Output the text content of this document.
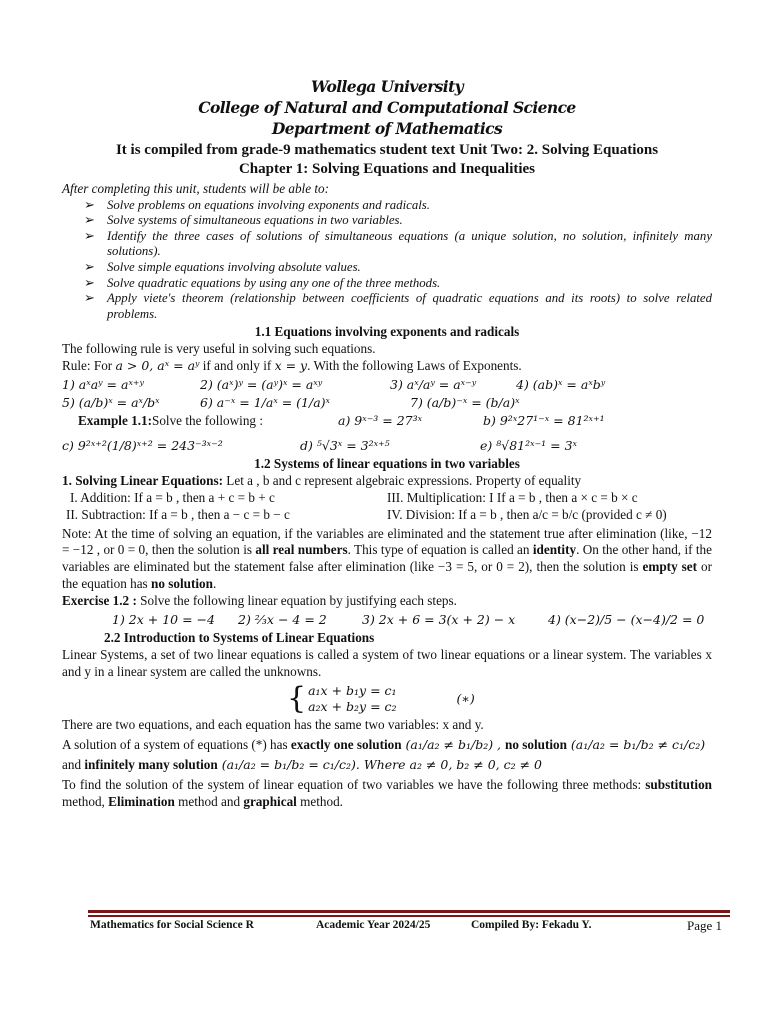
Wollega University
College of Natural and Computational Science
Department of Mathematics
It is compiled from grade-9 mathematics student text Unit Two: 2. Solving Equations
Chapter 1: Solving Equations and Inequalities
After completing this unit, students will be able to:
➢ Solve problems on equations involving exponents and radicals.
➢ Solve systems of simultaneous equations in two variables.
➢ Identify the three cases of solutions of simultaneous equations (a unique solution, no solution, infinitely many solutions).
➢ Solve simple equations involving absolute values.
➢ Solve quadratic equations by using any one of the three methods.
➢ Apply viete's theorem (relationship between coefficients of quadratic equations and its roots) to solve related problems.
1.1 Equations involving exponents and radicals
The following rule is very useful in solving such equations.
Rule: For a > 0, aˣ = aʸ if and only if x = y. With the following Laws of Exponents.
1) aˣaʸ = aˣ⁺ʸ	2) (aˣ)ʸ = (aʸ)ˣ = aˣʸ	3) aˣ/aʸ = aˣ⁻ʸ	4) (ab)ˣ = aˣbʸ
5) (a/b)ˣ = aˣ/bˣ	6) a⁻ˣ = 1/aˣ = (1/a)ˣ	7) (a/b)⁻ˣ = (b/a)ˣ
Example 1.1:Solve the following :	a) 9ˣ⁻³ = 27³ˣ	b) 9²ˣ27¹⁻ˣ = 81²ˣ⁺¹
c) 9²ˣ⁺²(1/8)ˣ⁺² = 243⁻³ˣ⁻²	d) ⁵√3ˣ = 3²ˣ⁺⁵	e) ⁸√81²ˣ⁻¹ = 3ˣ
1.2 Systems of linear equations in two variables
1. Solving Linear Equations: Let a , b and c represent algebraic expressions. Property of equality
I. Addition: If a = b , then a + c = b + c	III. Multiplication: I If a = b , then a × c = b × c
II. Subtraction: If a = b , then a − c = b − c	IV. Division: If a = b , then a/c = b/c (provided c ≠ 0)

Note: At the time of solving an equation, if the variables are eliminated and the statement true after elimination (like, −12 = −12 , or 0 = 0, then the solution is all real numbers. This type of equation is called an identity. On the other hand, if the variables are eliminated but the statement false after elimination (like −3 = 5, or 0 = 2), then the solution is empty set or the equation has no solution.

Exercise 1.2 : Solve the following linear equation by justifying each steps.
1) 2x + 10 = −4	2) ⅔x − 4 = 2	3) 2x + 6 = 3(x + 2) − x	4) (x−2)/5 − (x−4)/2 = 0
2.2 Introduction to Systems of Linear Equations

Linear Systems, a set of two linear equations is called a system of two linear equations or a linear system. The variables x and y in a linear system are called the unknowns.

{ a₁x + b₁y = c₁
a₂x + b₂y = c₂
(∗)

There are two equations, and each equation has the same two variables: x and y.

A solution of a system of equations (*) has exactly one solution (a₁/a₂ ≠ b₁/b₂) , no solution (a₁/a₂ = b₁/b₂ ≠ c₁/c₂)

and infinitely many solution (a₁/a₂ = b₁/b₂ = c₁/c₂). Where a₂ ≠ 0, b₂ ≠ 0, c₂ ≠ 0

To find the solution of the system of linear equation of two variables we have the following three methods: substitution method, Elimination method and graphical method.

Mathematics for Social Science R	Academic Year 2024/25	Compiled By: Fekadu Y.	Page 1
